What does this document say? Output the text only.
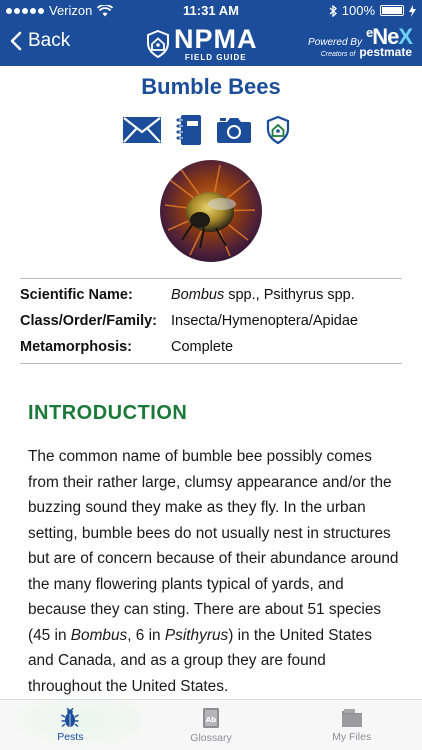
Verizon	11:31 AM	100%
Back	NPMA
FIELD GUIDE
Powered By
$^e$NeX
Creators of pestmate
Bumble Bees
Scientific Name:	Bombus spp., Psithyrus spp.
Class/Order/Family: Insecta/Hymenoptera/Apidae
Metamorphosis:	Complete
INTRODUCTION

The common name of bumble bee possibly comes from their rather large, clumsy appearance and/or the buzzing sound they make as they fly. In the urban setting, bumble bees do not usually nest in structures but are of concern because of their abundance around the many flowering plants typical of yards, and because they can sting. There are about 51 species (45 in Bombus, 6 in Psithyrus) in the United States and Canada, and as a group they are found throughout the United States.

Pests
Ab
Glossary	My Files
